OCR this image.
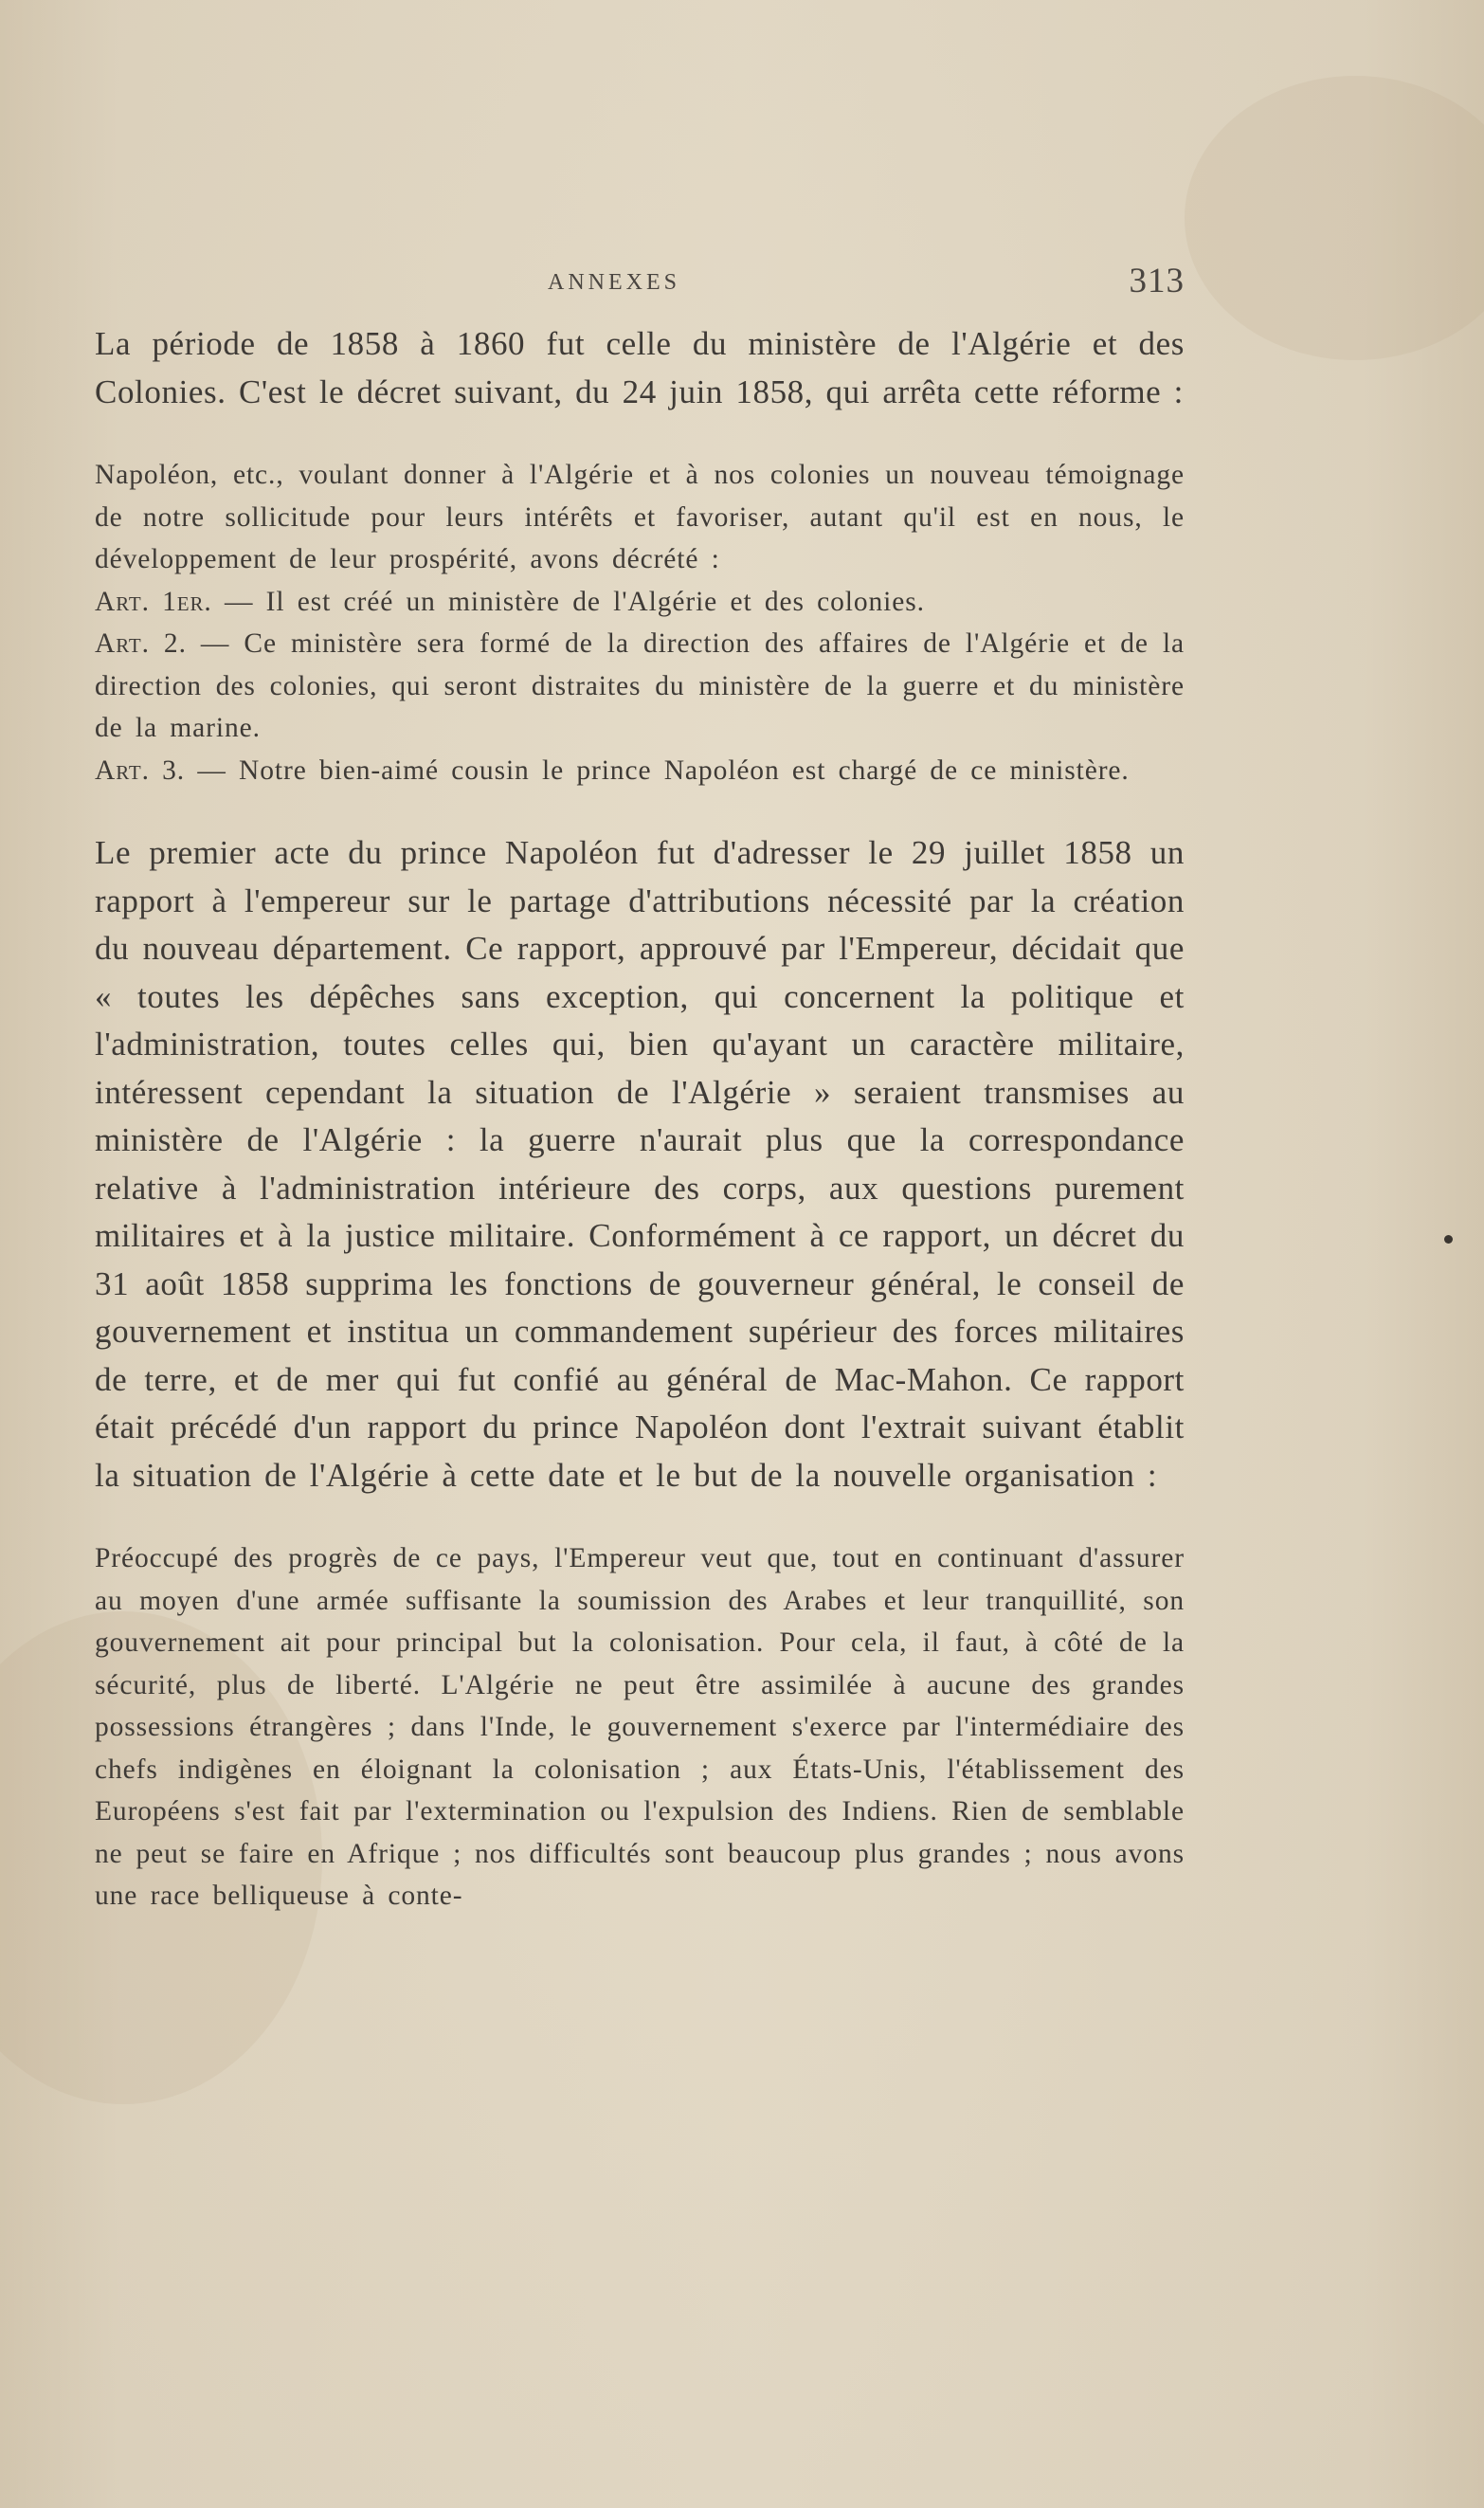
ANNEXES	313

La période de 1858 à 1860 fut celle du ministère de l'Algérie et des Colonies. C'est le décret suivant, du 24 juin 1858, qui arrêta cette réforme :

Napoléon, etc., voulant donner à l'Algérie et à nos colonies un nouveau témoignage de notre sollicitude pour leurs intérêts et favoriser, autant qu'il est en nous, le développement de leur prospérité, avons décrété :

Art. 1er. — Il est créé un ministère de l'Algérie et des colonies.

Art. 2. — Ce ministère sera formé de la direction des affaires de l'Algérie et de la direction des colonies, qui seront distraites du ministère de la guerre et du ministère de la marine.

Art. 3. — Notre bien-aimé cousin le prince Napoléon est chargé de ce ministère.

Le premier acte du prince Napoléon fut d'adresser le 29 juillet 1858 un rapport à l'empereur sur le partage d'attributions nécessité par la création du nouveau département. Ce rapport, approuvé par l'Empereur, décidait que « toutes les dépêches sans exception, qui concernent la politique et l'administration, toutes celles qui, bien qu'ayant un caractère militaire, intéressent cependant la situation de l'Algérie » seraient transmises au ministère de l'Algérie : la guerre n'aurait plus que la correspondance relative à l'administration intérieure des corps, aux questions purement militaires et à la justice militaire. Conformément à ce rapport, un décret du 31 août 1858 supprima les fonctions de gouverneur général, le conseil de gouvernement et institua un commandement supérieur des forces militaires de terre, et de mer qui fut confié au général de Mac-Mahon. Ce rapport était précédé d'un rapport du prince Napoléon dont l'extrait suivant établit la situation de l'Algérie à cette date et le but de la nouvelle organisation :

Préoccupé des progrès de ce pays, l'Empereur veut que, tout en continuant d'assurer au moyen d'une armée suffisante la soumission des Arabes et leur tranquillité, son gouvernement ait pour principal but la colonisation. Pour cela, il faut, à côté de la sécurité, plus de liberté. L'Algérie ne peut être assimilée à aucune des grandes possessions étrangères ; dans l'Inde, le gouvernement s'exerce par l'intermédiaire des chefs indigènes en éloignant la colonisation ; aux États-Unis, l'établissement des Européens s'est fait par l'extermination ou l'expulsion des Indiens. Rien de semblable ne peut se faire en Afrique ; nos difficultés sont beaucoup plus grandes ; nous avons une race belliqueuse à conte-
